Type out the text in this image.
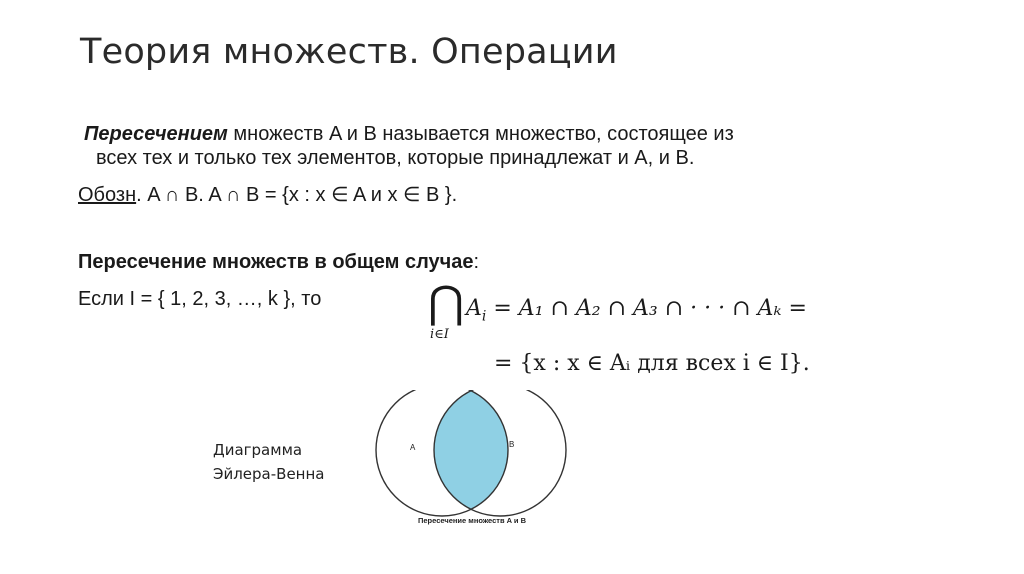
Теория множеств. Операции
Пересечением множеств A и B называется множество, состоящее из
всех тех и только тех элементов, которые принадлежат и A, и B.
Обозн. A ∩ B. A ∩ B = {x : x ∈ A и x ∈ B }.
Пересечение множеств в общем случае:
Если I = { 1, 2, 3, …, k }, то ⋂
i∈I
$A_i = A_1$ ∩ A₂ ∩ A₃ ∩ · · · ∩ Aₖ =
= {x : x ∈ Aᵢ для всех i ∈ I}.
Диаграмма
Эйлера-Венна
A	B
Пересечение множеств A и B
